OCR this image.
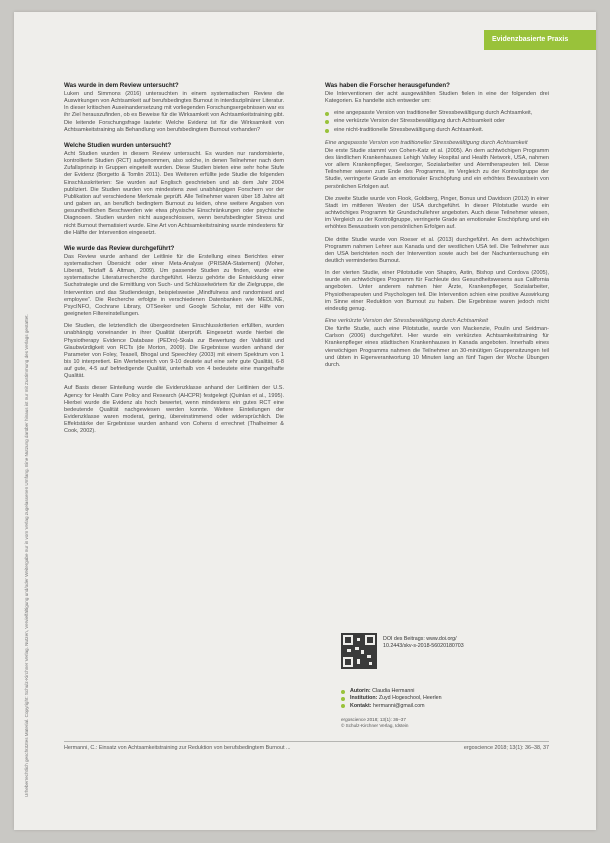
Evidenzbasierte Praxis
Urheberrechtlich geschütztes Material. Copyright: Schulz-Kirchner Verlag. Nutzen, Vervielfältigung und/oder Weitergabe nur in vom Verlag zugelassenen Umfang. Eine Nutzung darüber hinaus ist nur mit Zustimmung des Verlags gestattet.
Was wurde in dem Review untersucht?

Luken und Simmons (2016) untersuchten in einem systematischen Review die Auswirkungen von Achtsamkeit auf berufsbedingtes Burnout in interdisziplinärer Literatur. In dieser kritischen Auseinandersetzung mit vorliegenden Forschungsergebnissen war es ihr Ziel herauszufinden, ob es Beweise für die Wirksamkeit von Achtsamkeitstraining gibt. Die leitende Forschungsfrage lautete: Welche Evidenz ist für die Wirksamkeit von Achtsamkeitstraining als Behandlung von berufsbedingtem Burnout vorhanden?

Welche Studien wurden untersucht?

Acht Studien wurden in diesem Review untersucht. Es wurden nur randomisierte, kontrollierte Studien (RCT) aufgenommen, also solche, in denen Teilnehmer nach dem Zufallsprinzip in Gruppen eingeteilt wurden. Diese Studien bieten eine sehr hohe Stufe der Evidenz (Borgetto & Tomlin 2011). Des Weiteren erfüllte jede Studie die folgenden Einschlusskriterien: Sie wurden auf Englisch geschrieben und ab dem Jahr 2004 publiziert. Die Studien wurden von mindestens zwei unabhängigen Forschern vor der Publikation auf verschiedene Merkmale geprüft. Alle Teilnehmer waren über 18 Jahre alt und gaben an, an beruflich bedingtem Burnout zu leiden, ohne weitere Angaben von gesundheitlichen Beschwerden wie etwa physische Einschränkungen oder psychische Diagnosen. Studien wurden nicht ausgeschlossen, wenn berufsbedingter Stress und nicht Burnout thematisiert wurde. Eine Art von Achtsamkeitstraining wurde mindestens für die Hälfte der Intervention eingesetzt.

Wie wurde das Review durchgeführt?

Das Review wurde anhand der Leitlinie für die Erstellung eines Berichtes einer systematischen Übersicht oder einer Meta-Analyse (PRISMA-Statement) (Moher, Liberati, Tetzlaff & Altman, 2009). Um passende Studien zu finden, wurde eine systematische Literaturrecherche durchgeführt. Hierzu gehörte die Entwicklung einer Suchstrategie und die Ermittlung von Such- und Schlüsselwörtern für die Zielgruppe, die Intervention und das Studiendesign, beispielsweise „Mindfulness and randomised and employee“. Die Recherche erfolgte in verschiedenen Datenbanken wie MEDLINE, PsycINFO, Cochrane Library, OTSeeker und Google Scholar, mit der Hilfe von geeigneten Filtereinstellungen.

Die Studien, die letztendlich die übergeordneten Einschlusskriterien erfüllten, wurden unabhängig voneinander in ihrer Qualität überprüft. Eingesetzt wurde hierbei die Physiotherapy Evidence Database (PEDro)-Skala zur Bewertung der Validität und Glaubwürdigkeit von RCTs (de Morton, 2009). Die Ergebnisse wurden anhand der Parameter von Foley, Teasell, Bhogal und Speechley (2003) mit einem Spektrum von 1 bis 10 interpretiert. Ein Wertebereich von 9-10 deutete auf eine sehr gute Qualität, 6-8 auf gute, 4-5 auf befriedigende Qualität, unterhalb von 4 bedeutete eine mangelhafte Qualität.

Auf Basis dieser Einteilung wurde die Evidenzklasse anhand der Leitlinien der U.S. Agency for Health Care Policy and Research (AHCPR) festgelegt (Quinlan et al., 1995). Hierbei wurde die Evidenz als hoch bewertet, wenn mindestens ein gutes RCT eine bedeutende Qualität nachgewiesen werden konnte. Weitere Einteilungen der Evidenzklasse waren moderat, gering, übereinstimmend oder widersprüchlich. Die Effektstärke der Ergebnisse wurden anhand von Cohens d errechnet (Thalheimer & Cook, 2002).

Was haben die Forscher herausgefunden?

Die Interventionen der acht ausgewählten Studien fielen in eine der folgenden drei Kategorien. Es handelte sich entweder um:

eine angepasste Version von traditioneller Stressbewältigung durch Achtsamkeit,
eine verkürzte Version der Stressbewältigung durch Achtsamkeit oder
eine nicht-traditionelle Stressbewältigung durch Achtsamkeit.
Eine angepasste Version von traditioneller Stressbewältigung durch Achtsamkeit

Die erste Studie stammt von Cohen-Katz et al. (2005). An dem achtwöchigen Programm des ländlichen Krankenhauses Lehigh Valley Hospital and Health Network, USA, nahmen vor allem Krankenpfleger, Seelsorger, Sozialarbeiter und Atemtherapeuten teil. Diese Teilnehmer wiesen zum Ende des Programms, im Vergleich zu der Kontrollgruppe der Studie, verringerte Grade an emotionaler Erschöpfung und ein erhöhtes Bewusstsein von persönlichen Erfolgen auf.

Die zweite Studie wurde von Flook, Goldberg, Pinger, Bonus und Davidson (2013) in einer Stadt im mittleren Westen der USA durchgeführt. In dieser Pilotstudie wurde ein achtwöchiges Programm für Grundschullehrer angeboten. Auch diese Teilnehmer wiesen, im Vergleich zu der Kontrollgruppe, verringerte Grade an emotionaler Erschöpfung und ein erhöhtes Bewusstsein von persönlichen Erfolgen auf.

Die dritte Studie wurde von Roeser et al. (2013) durchgeführt. An dem achtwöchigen Programm nahmen Lehrer aus Kanada und der westlichen USA teil. Die Teilnehmer aus den USA berichteten noch der Intervention sowie auch bei der Nachuntersuchung ein deutlich vermindertes Burnout.

In der vierten Studie, einer Pilotstudie von Shapiro, Astin, Bishop und Cordova (2005), wurde ein achtwöchiges Programm für Fachleute des Gesundheitswesens aus California angeboten. Unter anderem nahmen hier Ärzte, Krankenpfleger, Sozialarbeiter, Physiotherapeuten und Psychologen teil. Die Intervention schien eine positive Auswirkung im Sinne einer Reduktion von Burnout zu haben. Die Ergebnisse waren jedoch nicht eindeutig genug.

Eine verkürzte Version der Stressbewältigung durch Achtsamkeit

Die fünfte Studie, auch eine Pilotstudie, wurde von Mackenzie, Poulin und Seidman-Carlson (2006) durchgeführt. Hier wurde ein verkürztes Achtsamkeitstraining für Krankenpfleger eines städtischen Krankenhauses in Kanada angeboten. Innerhalb eines vierwöchigen Programms nahmen die Teilnehmer an 30-minütigen Gruppensitzungen teil und übten in Eigenverantwortung 10 Minuten lang an fünf Tagen der Woche Übungen durch.

DOI des Beitrags: www.doi.org/
10.2443/skv-s-2018-56020180703
Autorin: Claudia Hermanni
Institution: Zuyd Hogeschool, Heerlen
Kontakt: hermanni@gmail.com
ergoscience 2018; 13(1): 36–37
© Schulz-Kirchner Verlag, Idstein
Hermanni, C.: Einsatz von Achtsamkeitstraining zur Reduktion von berufsbedingtem Burnout ...	ergoscience 2018; 13(1): 36–38, 37
